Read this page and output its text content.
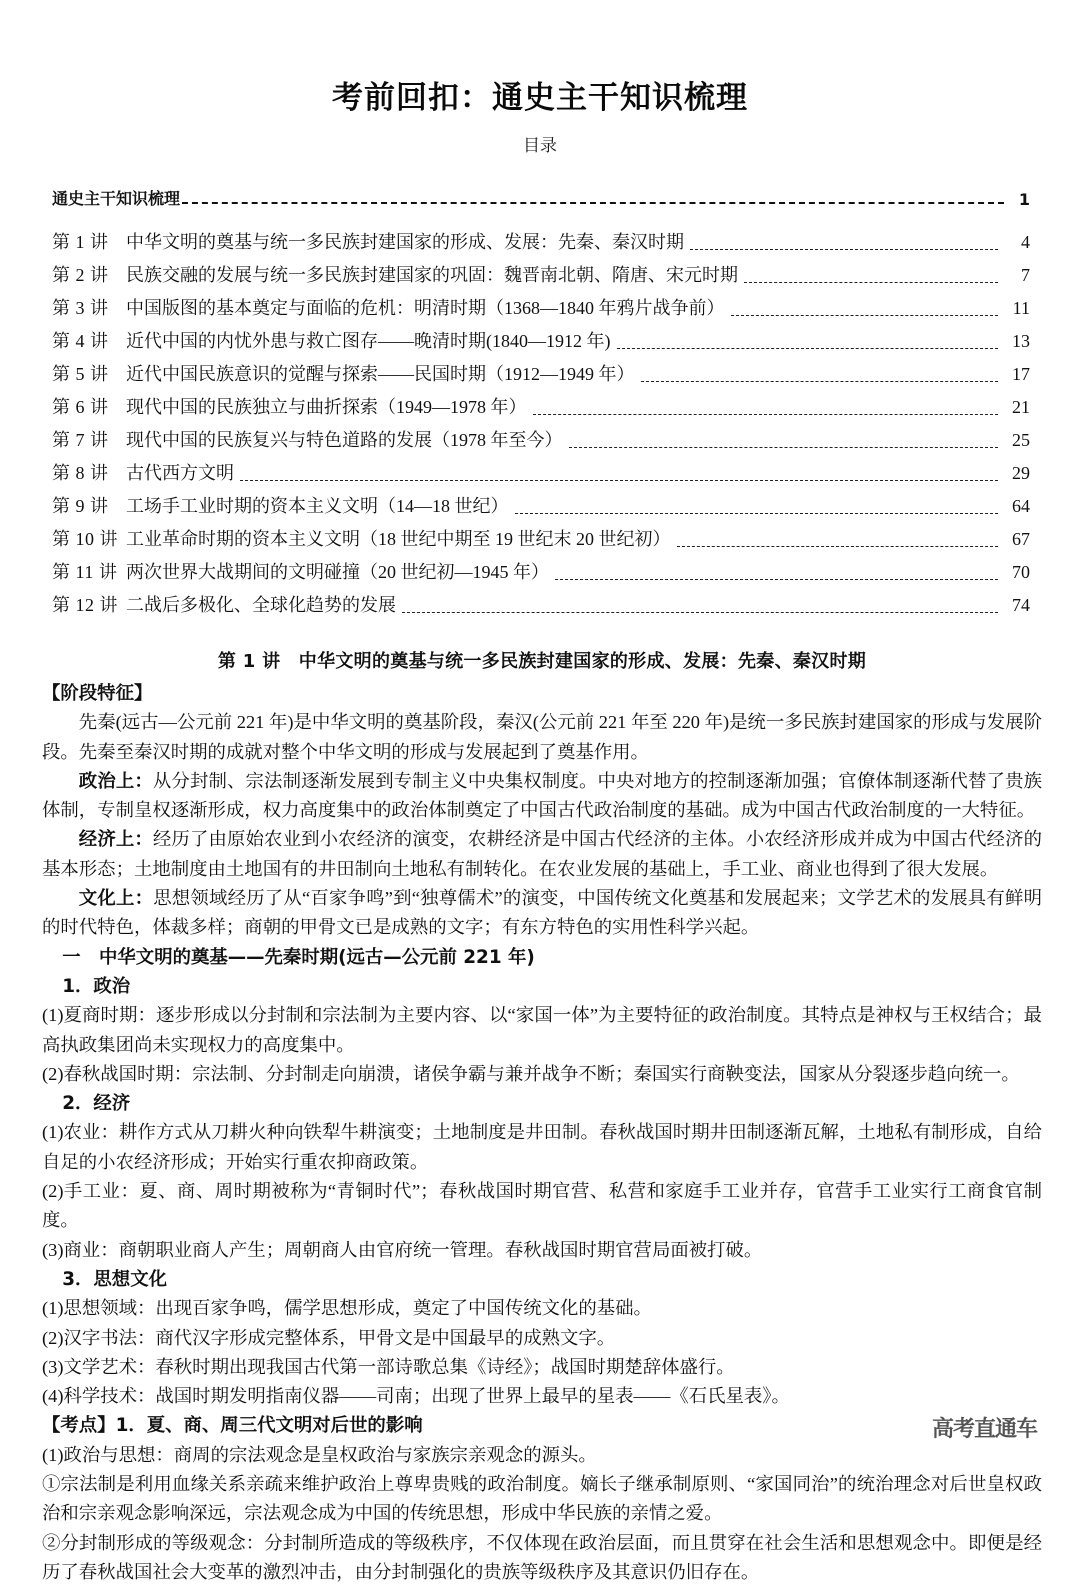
考前回扣：通史主干知识梳理
目录
通史主干知识梳理	1
第 1 讲 中华文明的奠基与统一多民族封建国家的形成、发展：先秦、秦汉时期	4
第 2 讲 民族交融的发展与统一多民族封建国家的巩固：魏晋南北朝、隋唐、宋元时期	7
第 3 讲 中国版图的基本奠定与面临的危机：明清时期（1368—1840 年鸦片战争前）	11
第 4 讲 近代中国的内忧外患与救亡图存——晚清时期(1840—1912 年)	13
第 5 讲 近代中国民族意识的觉醒与探索——民国时期（1912—1949 年）	17
第 6 讲 现代中国的民族独立与曲折探索（1949—1978 年）	21
第 7 讲 现代中国的民族复兴与特色道路的发展（1978 年至今）	25
第 8 讲 古代西方文明	29
第 9 讲 工场手工业时期的资本主义文明（14—18 世纪）	64
第 10 讲 工业革命时期的资本主义文明（18 世纪中期至 19 世纪末 20 世纪初）	67
第 11 讲 两次世界大战期间的文明碰撞（20 世纪初—1945 年）	70
第 12 讲 二战后多极化、全球化趋势的发展	74
第 1 讲　中华文明的奠基与统一多民族封建国家的形成、发展：先秦、秦汉时期
【阶段特征】

先秦(远古—公元前 221 年)是中华文明的奠基阶段，秦汉(公元前 221 年至 220 年)是统一多民族封建国家的形成与发展阶段。先秦至秦汉时期的成就对整个中华文明的形成与发展起到了奠基作用。

政治上：从分封制、宗法制逐渐发展到专制主义中央集权制度。中央对地方的控制逐渐加强；官僚体制逐渐代替了贵族体制，专制皇权逐渐形成，权力高度集中的政治体制奠定了中国古代政治制度的基础。成为中国古代政治制度的一大特征。

经济上：经历了由原始农业到小农经济的演变，农耕经济是中国古代经济的主体。小农经济形成并成为中国古代经济的基本形态；土地制度由土地国有的井田制向土地私有制转化。在农业发展的基础上，手工业、商业也得到了很大发展。

文化上：思想领域经历了从“百家争鸣”到“独尊儒术”的演变，中国传统文化奠基和发展起来；文学艺术的发展具有鲜明的时代特色，体裁多样；商朝的甲骨文已是成熟的文字；有东方特色的实用性科学兴起。

一　中华文明的奠基——先秦时期(远古—公元前 221 年)
1．政治

(1)夏商时期：逐步形成以分封制和宗法制为主要内容、以“家国一体”为主要特征的政治制度。其特点是神权与王权结合；最高执政集团尚未实现权力的高度集中。

(2)春秋战国时期：宗法制、分封制走向崩溃，诸侯争霸与兼并战争不断；秦国实行商鞅变法，国家从分裂逐步趋向统一。

2．经济

(1)农业：耕作方式从刀耕火种向铁犁牛耕演变；土地制度是井田制。春秋战国时期井田制逐渐瓦解，土地私有制形成，自给自足的小农经济形成；开始实行重农抑商政策。

(2)手工业：夏、商、周时期被称为“青铜时代”；春秋战国时期官营、私营和家庭手工业并存，官营手工业实行工商食官制度。

(3)商业：商朝职业商人产生；周朝商人由官府统一管理。春秋战国时期官营局面被打破。

3．思想文化

(1)思想领域：出现百家争鸣，儒学思想形成，奠定了中国传统文化的基础。

(2)汉字书法：商代汉字形成完整体系，甲骨文是中国最早的成熟文字。

(3)文学艺术：春秋时期出现我国古代第一部诗歌总集《诗经》；战国时期楚辞体盛行。

(4)科学技术：战国时期发明指南仪器——司南；出现了世界上最早的星表——《石氏星表》。

【考点】1．夏、商、周三代文明对后世的影响

(1)政治与思想：商周的宗法观念是皇权政治与家族宗亲观念的源头。

①宗法制是利用血缘关系亲疏来维护政治上尊卑贵贱的政治制度。嫡长子继承制原则、“家国同治”的统治理念对后世皇权政治和宗亲观念影响深远，宗法观念成为中国的传统思想，形成中华民族的亲情之爱。

②分封制形成的等级观念：分封制所造成的等级秩序，不仅体现在政治层面，而且贯穿在社会生活和思想观念中。即便是经历了春秋战国社会大变革的激烈冲击，由分封制强化的贵族等级秩序及其意识仍旧存在。

高考直通车
